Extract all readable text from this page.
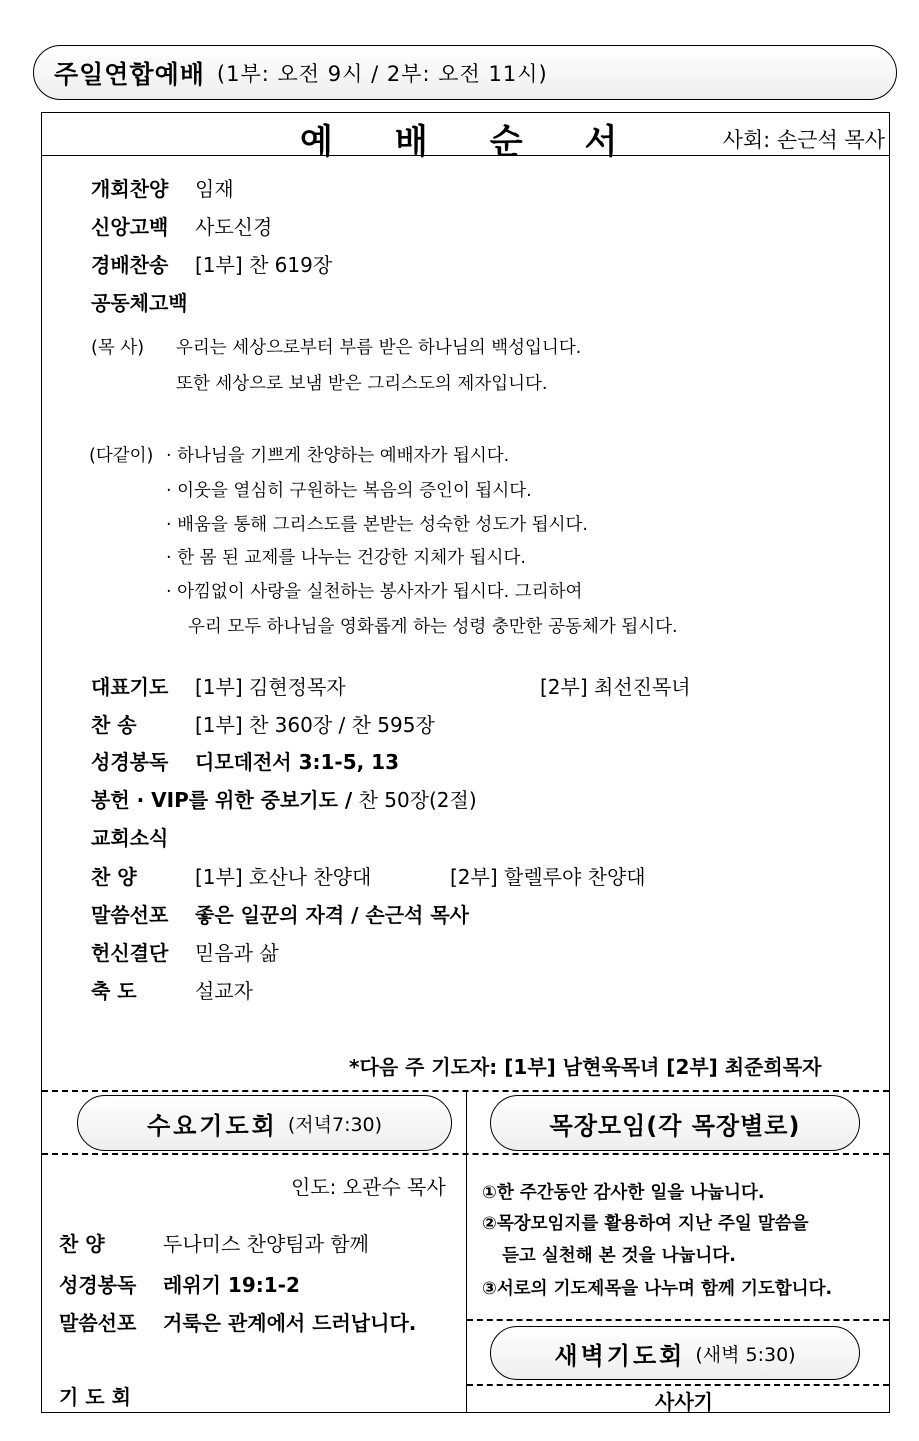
주일연합예배 (1부: 오전 9시 / 2부: 오전 11시)
예배순서 사회: 손근석 목사
개회찬양 임재
신앙고백 사도신경
경배찬송 [1부] 찬 619장
공동체고백
(목 사) 우리는 세상으로부터 부름 받은 하나님의 백성입니다.
또한 세상으로 보냄 받은 그리스도의 제자입니다.
(다같이) · 하나님을 기쁘게 찬양하는 예배자가 됩시다.
· 이웃을 열심히 구원하는 복음의 증인이 됩시다.
· 배움을 통해 그리스도를 본받는 성숙한 성도가 됩시다.
· 한 몸 된 교제를 나누는 건강한 지체가 됩시다.
· 아낌없이 사랑을 실천하는 봉사자가 됩시다. 그리하여
우리 모두 하나님을 영화롭게 하는 성령 충만한 공동체가 됩시다.
대표기도 [1부] 김현정목자	[2부] 최선진목녀
찬 송	[1부] 찬 360장 / 찬 595장
성경봉독 디모데전서 3:1-5, 13
봉헌 · VIP를 위한 중보기도 / 찬 50장(2절)
교회소식
찬 양	[1부] 호산나 찬양대	[2부] 할렐루야 찬양대
말씀선포 좋은 일꾼의 자격 / 손근석 목사
헌신결단 믿음과 삶
축 도	설교자
*다음 주 기도자: [1부] 남현욱목녀 [2부] 최준희목자
수요기도회 (저녁7:30)
인도: 오관수 목사
찬 양	두나미스 찬양팀과 함께
성경봉독 레위기 19:1-2
말씀선포 거룩은 관계에서 드러납니다.
기 도 회
목장모임(각 목장별로)
①한 주간동안 감사한 일을 나눕니다.
②목장모임지를 활용하여 지난 주일 말씀을
듣고 실천해 본 것을 나눕니다.
③서로의 기도제목을 나누며 함께 기도합니다.
새벽기도회 (새벽 5:30)
사사기
